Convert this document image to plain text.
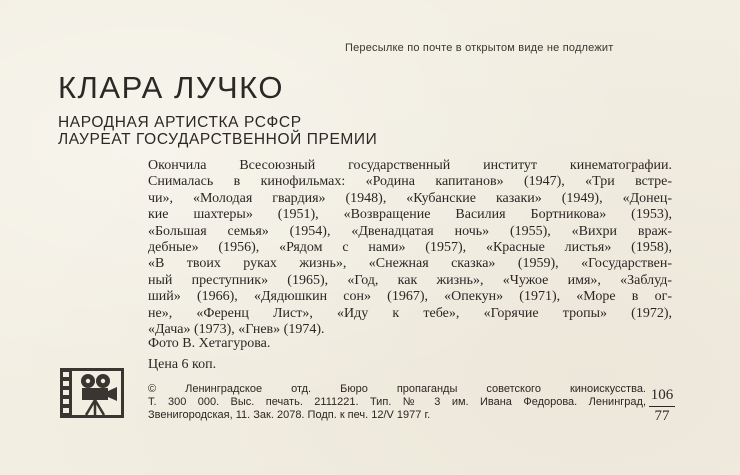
Пересылке по почте в открытом виде не подлежит
КЛАРА ЛУЧКО
НАРОДНАЯ АРТИСТКА РСФСР
ЛАУРЕАТ ГОСУДАРСТВЕННОЙ ПРЕМИИ
Окончила Всесоюзный государственный институт кинематографии.
Снималась в кинофильмах: «Родина капитанов» (1947), «Три встре-
чи», «Молодая гвардия» (1948), «Кубанские казаки» (1949), «Донец-
кие шахтеры» (1951), «Возвращение Василия Бортникова» (1953),
«Большая семья» (1954), «Двенадцатая ночь» (1955), «Вихри враж-
дебные» (1956), «Рядом с нами» (1957), «Красные листья» (1958),
«В твоих руках жизнь», «Снежная сказка» (1959), «Государствен-
ный преступник» (1965), «Год, как жизнь», «Чужое имя», «Заблуд-
ший» (1966), «Дядюшкин сон» (1967), «Опекун» (1971), «Море в ог-
не», «Ференц Лист», «Иду к тебе», «Горячие тропы» (1972),
«Дача» (1973), «Гнев» (1974).
Фото В. Хетагурова.
Цена 6 коп.
© Ленинградское отд. Бюро пропаганды советского киноискусства.
Т. 300 000. Выс. печать. 2111221. Тип. № 3 им. Ивана Федорова. Ленинград,
Звенигородская, 11. Зак. 2078. Подп. к печ. 12/V 1977 г.
106
77
